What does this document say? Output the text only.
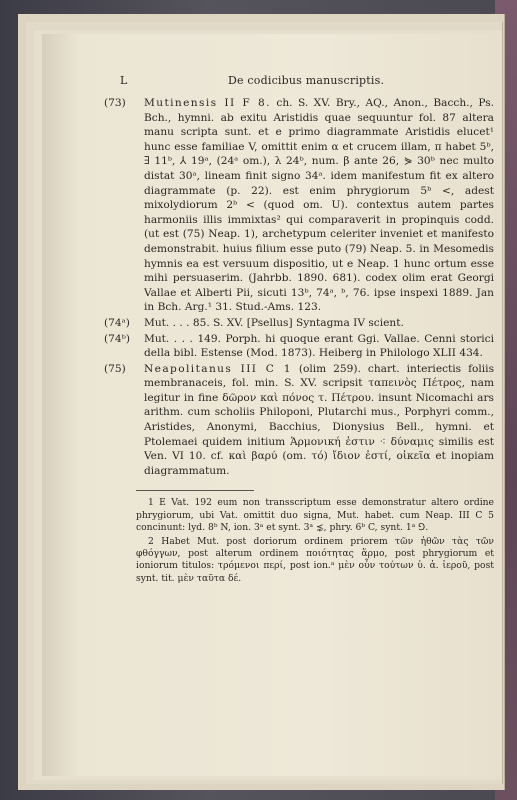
L	De codicibus manuscriptis.
(73)	Mutinensis II F 8. ch. S. XV. Bry., AQ., Anon., Bacch., Ps. Bch., hymni. ab exitu Aristidis quae sequuntur fol. 87 altera manu scripta sunt. et e primo diagrammate Aristidis elucet¹ hunc esse familiae V, omittit enim α et crucem illam, π habet 5ᵇ, ∃ 11ᵇ, ⅄ 19ᵃ, (24ᵃ om.), λ 24ᵇ, num. β ante 26, ⋟ 30ᵇ nec multo distat 30ᵃ, lineam finit signo 34ᵃ. idem manifestum fit ex altero diagrammate (p. 22). est enim phrygiorum 5ᵇ <, adest mixolydiorum 2ᵇ < (quod om. U). contextus autem partes harmoniis illis immixtas² qui comparaverit in propinquis codd. (ut est (75) Neap. 1), archetypum celeriter inveniet et manifesto demonstrabit. huius filium esse puto (79) Neap. 5. in Mesomedis hymnis ea est versuum dispositio, ut e Neap. 1 hunc ortum esse mihi persuaserim. (Jahrbb. 1890. 681). codex olim erat Georgi Vallae et Alberti Pii, sicuti 13ᵇ, 74ᵃ, ᵇ, 76. ipse inspexi 1889. Jan in Bch. Arg.¹ 31. Stud.-Ams. 123.

(74ᵃ)	Mut. . . . 85. S. XV. [Psellus] Syntagma IV scient.

(74ᵇ)	Mut. . . . 149. Porph. hi quoque erant Ggi. Vallae. Cenni storici della bibl. Estense (Mod. 1873). Heiberg in Philologo XLII 434.

(75)	Neapolitanus III C 1 (olim 259). chart. interiectis foliis membranaceis, fol. min. S. XV. scripsit ταπεινὸς Πέτρος, nam legitur in fine δῶρον καὶ πόνος τ. Πέτρου. insunt Nicomachi ars arithm. cum scholiis Philoponi, Plutarchi mus., Porphyri comm., Aristides, Anonymi, Bacchius, Dionysius Bell., hymni. et Ptolemaei quidem initium Ἁρμονική ἐστιν ⁖ δύναμις similis est Ven. VI 10. cf. καὶ βαρύ (om. τό) ἴδιον ἐστί, οἰκεῖα et inopiam diagrammatum.

1 E Vat. 192 eum non transscriptum esse demonstratur altero ordine phrygiorum, ubi Vat. omittit duo signa, Mut. habet. cum Neap. III C 5 concinunt: lyd. 8ᵇ N, ion. 3ᵃ et synt. 3ᵃ ⋨, phry. 6ᵇ C, synt. 1ᵃ ⅁.

2 Habet Mut. post doriorum ordinem priorem τῶν ἠθῶν τὰς τῶν φθόγγων, post alterum ordinem ποιότητας ἅρμο, post phrygiorum et ioniorum titulos: τρόμενοι περί, post ion.ᵃ μὲν οὖν τούτων ὑ. ἀ. ἱεροῦ, post synt. tit. μὲν ταῦτα δέ.
